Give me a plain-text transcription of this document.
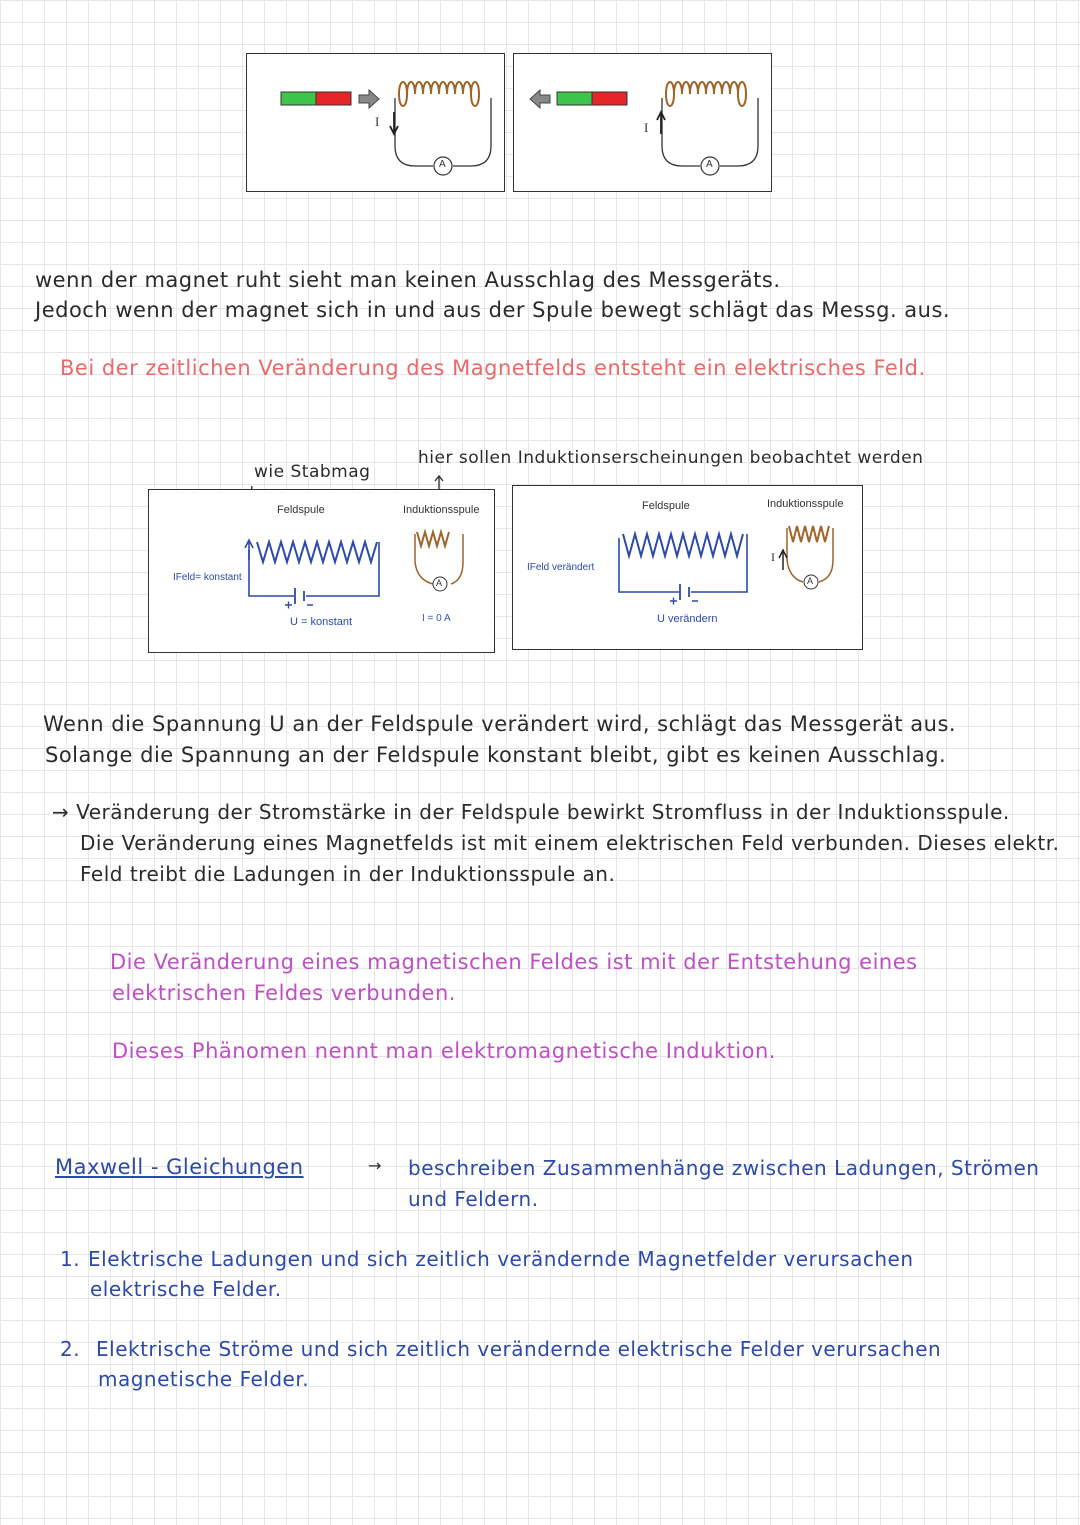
I
A
I
A
wenn der magnet ruht sieht man keinen Ausschlag des Messgeräts.
Jedoch wenn der magnet sich in und aus der Spule bewegt schlägt das Messg. aus.
Bei der zeitlichen Veränderung des Magnetfelds entsteht ein elektrisches Feld.
wie Stabmag
hier sollen Induktionserscheinungen beobachtet werden
Feldspule	Induktionsspule
IFeld= konstant
U = konstant	I = 0 A
A
Feldspule	Induktionsspule
IFeld verändert
U verändern
I
A
Wenn die Spannung U an der Feldspule verändert wird, schlägt das Messgerät aus.
Solange die Spannung an der Feldspule konstant bleibt, gibt es keinen Ausschlag.
→ Veränderung der Stromstärke in der Feldspule bewirkt Stromfluss in der Induktionsspule.
Die Veränderung eines Magnetfelds ist mit einem elektrischen Feld verbunden. Dieses elektr.
Feld treibt die Ladungen in der Induktionsspule an.
Die Veränderung eines magnetischen Feldes ist mit der Entstehung eines
elektrischen Feldes verbunden.
Dieses Phänomen nennt man elektromagnetische Induktion.
Maxwell - Gleichungen	→ beschreiben Zusammenhänge zwischen Ladungen, Strömen
und Feldern.
1. Elektrische Ladungen und sich zeitlich verändernde Magnetfelder verursachen
elektrische Felder.
2. Elektrische Ströme und sich zeitlich verändernde elektrische Felder verursachen
magnetische Felder.
